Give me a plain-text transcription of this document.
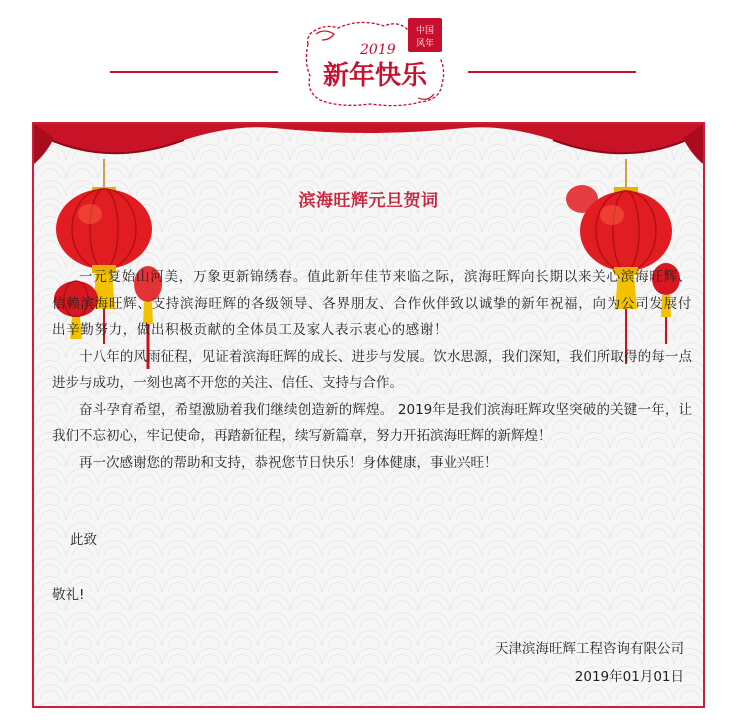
2019
中国
风年
新年快乐
滨海旺辉元旦贺词

一元复始山河美，万象更新锦绣春。值此新年佳节来临之际，滨海旺辉向长期以来关心滨海旺辉、信赖滨海旺辉、支持滨海旺辉的各级领导、各界朋友、合作伙伴致以诚挚的新年祝福，向为公司发展付出辛勤努力，做出积极贡献的全体员工及家人表示衷心的感谢！

十八年的风雨征程，见证着滨海旺辉的成长、进步与发展。饮水思源，我们深知，我们所取得的每一点进步与成功，一刻也离不开您的关注、信任、支持与合作。

奋斗孕育希望，希望激励着我们继续创造新的辉煌。 2019年是我们滨海旺辉攻坚突破的关键一年，让我们不忘初心，牢记使命，再踏新征程，续写新篇章，努力开拓滨海旺辉的新辉煌！

再一次感谢您的帮助和支持，恭祝您节日快乐！身体健康，事业兴旺！

此致
敬礼!
天津滨海旺辉工程咨询有限公司
2019年01月01日
